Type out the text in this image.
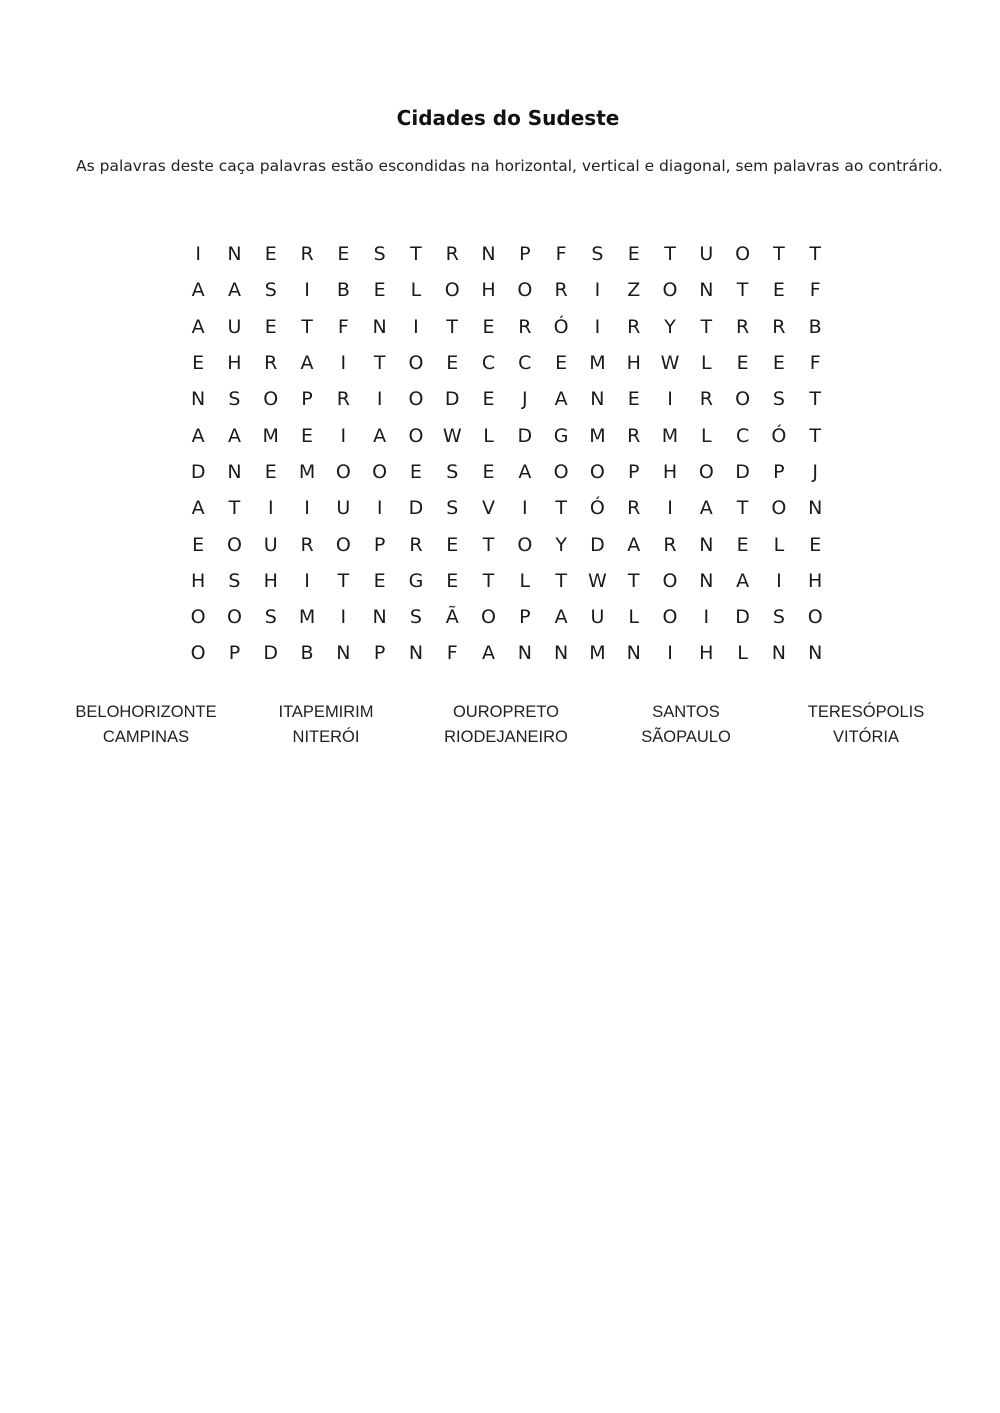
Cidades do Sudeste

As palavras deste caça palavras estão escondidas na horizontal, vertical e diagonal, sem palavras ao contrário.

I	N	E	R	E	S	T	R	N	P	F	S	E	T	U	O	T	T
A	A	S	I	B	E	L	O	H	O	R	I	Z	O	N	T	E	F
A	U	E	T	F	N	I	T	E	R	Ó	I	R	Y	T	R	R	B
E	H	R	A	I	T	O	E	C	C	E	M	H	W	L	E	E	F
N	S	O	P	R	I	O	D	E	J	A	N	E	I	R	O	S	T
A	A	M	E	I	A	O	W	L	D	G	M	R	M	L	C	Ó	T
D	N	E	M	O	O	E	S	E	A	O	O	P	H	O	D	P	J
A	T	I	I	U	I	D	S	V	I	T	Ó	R	I	A	T	O	N
E	O	U	R	O	P	R	E	T	O	Y	D	A	R	N	E	L	E
H	S	H	I	T	E	G	E	T	L	T	W	T	O	N	A	I	H
O	O	S	M	I	N	S	Ã	O	P	A	U	L	O	I	D	S	O
O	P	D	B	N	P	N	F	A	N	N	M	N	I	H	L	N	N
BELOHORIZONTE
CAMPINAS
ITAPEMIRIM
NITERÓI
OUROPRETO
RIODEJANEIRO
SANTOS
SÃOPAULO
TERESÓPOLIS
VITÓRIA
